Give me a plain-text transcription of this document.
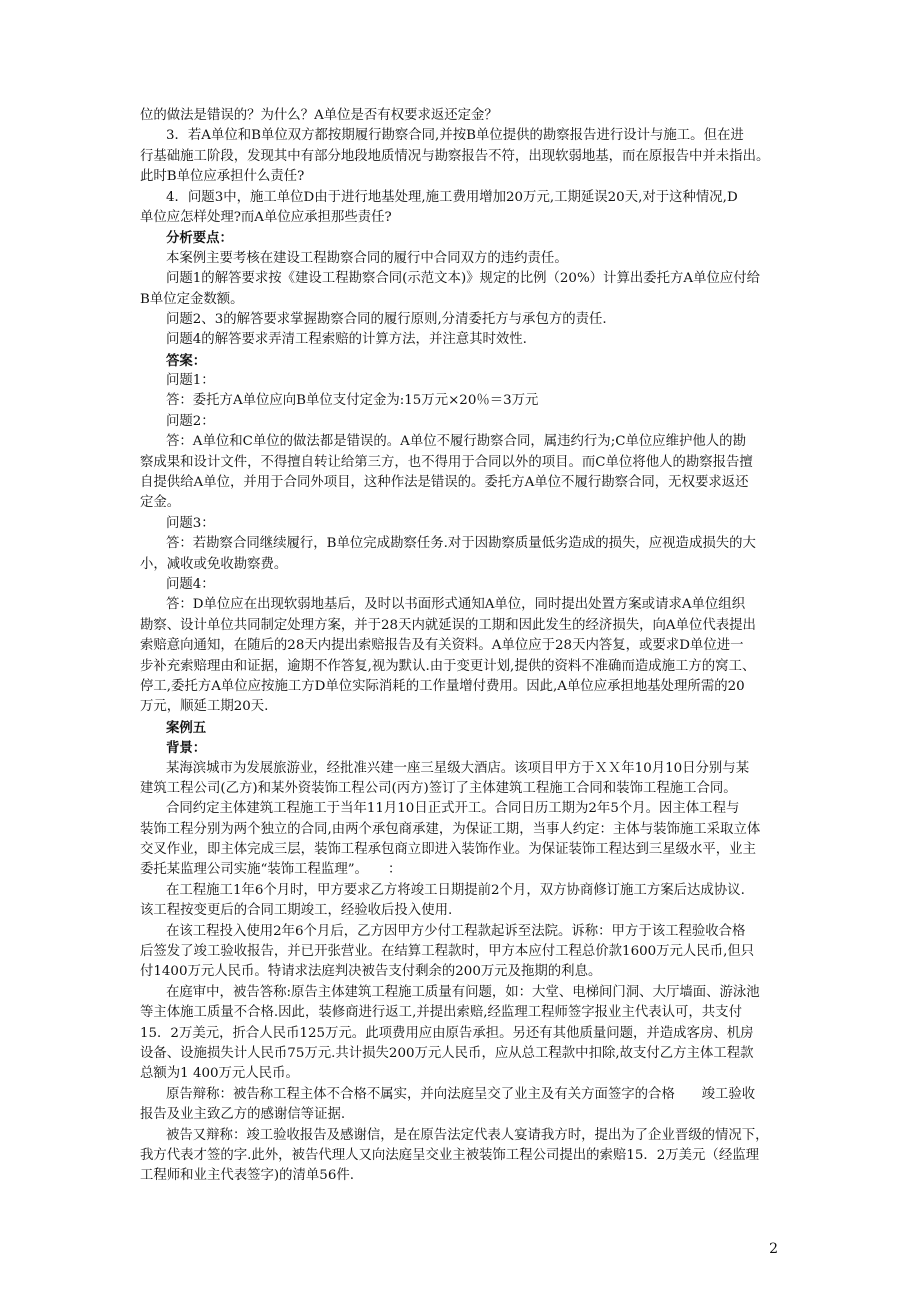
位的做法是错误的？为什么？A单位是否有权要求返还定金？
3．若A单位和B单位双方都按期履行勘察合同,并按B单位提供的勘察报告进行设计与施工。但在进
行基础施工阶段，发现其中有部分地段地质情况与勘察报告不符，出现软弱地基，而在原报告中并未指出。
此时B单位应承担什么责任?
4．问题3中，施工单位D由于进行地基处理,施工费用增加20万元,工期延误20天,对于这种情况,D
单位应怎样处理?而A单位应承担那些责任?
分析要点：
本案例主要考核在建设工程勘察合同的履行中合同双方的违约责任。
问题1的解答要求按《建设工程勘察合同(示范文本)》规定的比例（20%）计算出委托方A单位应付给
B单位定金数额。
问题2、3的解答要求掌握勘察合同的履行原则,分清委托方与承包方的责任.
问题4的解答要求弄清工程索赔的计算方法，并注意其时效性.
答案：
问题1：
答：委托方A单位应向B单位支付定金为:15万元×20％＝3万元
问题2：
答：A单位和C单位的做法都是错误的。A单位不履行勘察合同，属违约行为;C单位应维护他人的勘
察成果和设计文件，不得擅自转让给第三方，也不得用于合同以外的项目。而C单位将他人的勘察报告擅
自提供给A单位，并用于合同外项目，这种作法是错误的。委托方A单位不履行勘察合同，无权要求返还
定金。
问题3：
答：若勘察合同继续履行，B单位完成勘察任务.对于因勘察质量低劣造成的损失，应视造成损失的大
小，减收或免收勘察费。
问题4：
答：D单位应在出现软弱地基后，及时以书面形式通知A单位，同时提出处置方案或请求A单位组织
勘察、设计单位共同制定处理方案，并于28天内就延误的工期和因此发生的经济损失，向A单位代表提出
索赔意向通知，在随后的28天内提出索赔报告及有关资料。A单位应于28天内答复，或要求D单位进一
步补充索赔理由和证据，逾期不作答复,视为默认.由于变更计划,提供的资料不准确而造成施工方的窝工、
停工,委托方A单位应按施工方D单位实际消耗的工作量增付费用。因此,A单位应承担地基处理所需的20
万元，顺延工期20天.
案例五
背景：
某海滨城市为发展旅游业，经批准兴建一座三星级大酒店。该项目甲方于ＸＸ年10月10日分别与某
建筑工程公司(乙方)和某外资装饰工程公司(丙方)签订了主体建筑工程施工合同和装饰工程施工合同。
合同约定主体建筑工程施工于当年11月10日正式开工。合同日历工期为2年5个月。因主体工程与
装饰工程分别为两个独立的合同,由两个承包商承建，为保证工期，当事人约定：主体与装饰施工采取立体
交叉作业，即主体完成三层，装饰工程承包商立即进入装饰作业。为保证装饰工程达到三星级水平，业主
委托某监理公司实施“装饰工程监理”。　　：
在工程施工1年6个月时，甲方要求乙方将竣工日期提前2个月，双方协商修订施工方案后达成协议.
该工程按变更后的合同工期竣工，经验收后投入使用.
在该工程投入使用2年6个月后，乙方因甲方少付工程款起诉至法院。诉称：甲方于该工程验收合格
后签发了竣工验收报告，并已开张营业。在结算工程款时，甲方本应付工程总价款1600万元人民币,但只
付1400万元人民币。特请求法庭判决被告支付剩余的200万元及拖期的利息。
在庭审中，被告答称:原告主体建筑工程施工质量有问题，如：大堂、电梯间门洞、大厅墙面、游泳池
等主体施工质量不合格.因此，装修商进行返工,并提出索赔,经监理工程师签字报业主代表认可，共支付
15．2万美元，折合人民币125万元。此项费用应由原告承担。另还有其他质量问题，并造成客房、机房
设备、设施损失计人民币75万元.共计损失200万元人民币，应从总工程款中扣除,故支付乙方主体工程款
总额为1 400万元人民币。
原告辩称：被告称工程主体不合格不属实，并向法庭呈交了业主及有关方面签字的合格　　竣工验收
报告及业主致乙方的感谢信等证据.
被告又辩称：竣工验收报告及感谢信，是在原告法定代表人宴请我方时，提出为了企业晋级的情况下，
我方代表才签的字.此外，被告代理人又向法庭呈交业主被装饰工程公司提出的索赔15．2万美元（经监理
工程师和业主代表签字)的清单56件.
2
